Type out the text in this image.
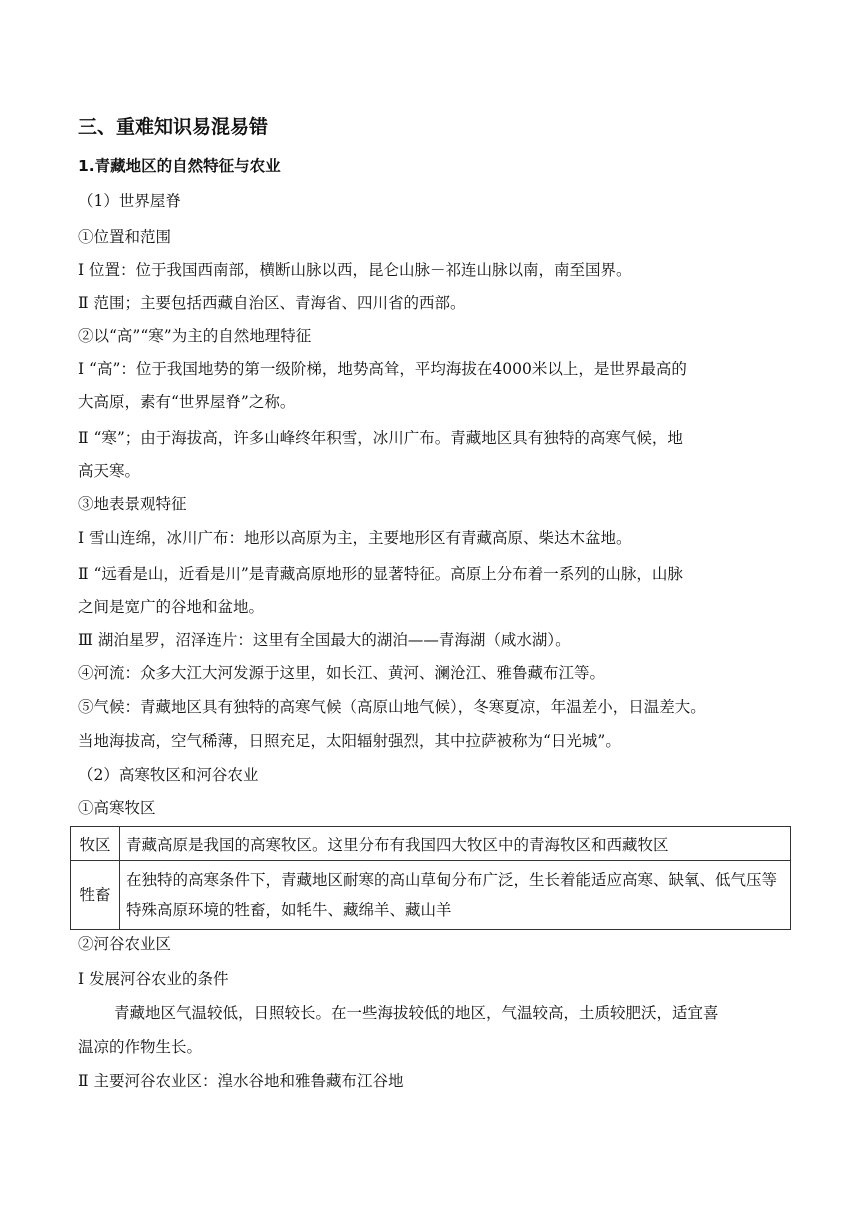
三、重难知识易混易错
1.青藏地区的自然特征与农业
（1）世界屋脊
①位置和范围
Ⅰ 位置：位于我国西南部，横断山脉以西，昆仑山脉－祁连山脉以南，南至国界。
Ⅱ 范围；主要包括西藏自治区、青海省、四川省的西部。
②以“高”“寒”为主的自然地理特征
Ⅰ “高”：位于我国地势的第一级阶梯，地势高耸，平均海拔在4000米以上，是世界最高的
大高原，素有“世界屋脊”之称。
Ⅱ “寒”；由于海拔高，许多山峰终年积雪，冰川广布。青藏地区具有独特的高寒气候，地
高天寒。
③地表景观特征
Ⅰ 雪山连绵，冰川广布：地形以高原为主，主要地形区有青藏高原、柴达木盆地。
Ⅱ “远看是山，近看是川”是青藏高原地形的显著特征。高原上分布着一系列的山脉，山脉
之间是宽广的谷地和盆地。
Ⅲ 湖泊星罗，沼泽连片：这里有全国最大的湖泊——青海湖（咸水湖）。
④河流：众多大江大河发源于这里，如长江、黄河、澜沧江、雅鲁藏布江等。
⑤气候：青藏地区具有独特的高寒气候（高原山地气候），冬寒夏凉，年温差小，日温差大。
当地海拔高，空气稀薄，日照充足，太阳辐射强烈，其中拉萨被称为“日光城”。
（2）高寒牧区和河谷农业
①高寒牧区
牧区	青藏高原是我国的高寒牧区。这里分布有我国四大牧区中的青海牧区和西藏牧区
牲畜	在独特的高寒条件下，青藏地区耐寒的高山草甸分布广泛，生长着能适应高寒、缺氧、低气压等特殊高原环境的牲畜，如牦牛、藏绵羊、藏山羊
②河谷农业区
Ⅰ 发展河谷农业的条件
青藏地区气温较低，日照较长。在一些海拔较低的地区，气温较高，土质较肥沃，适宜喜
温凉的作物生长。
Ⅱ 主要河谷农业区：湟水谷地和雅鲁藏布江谷地
